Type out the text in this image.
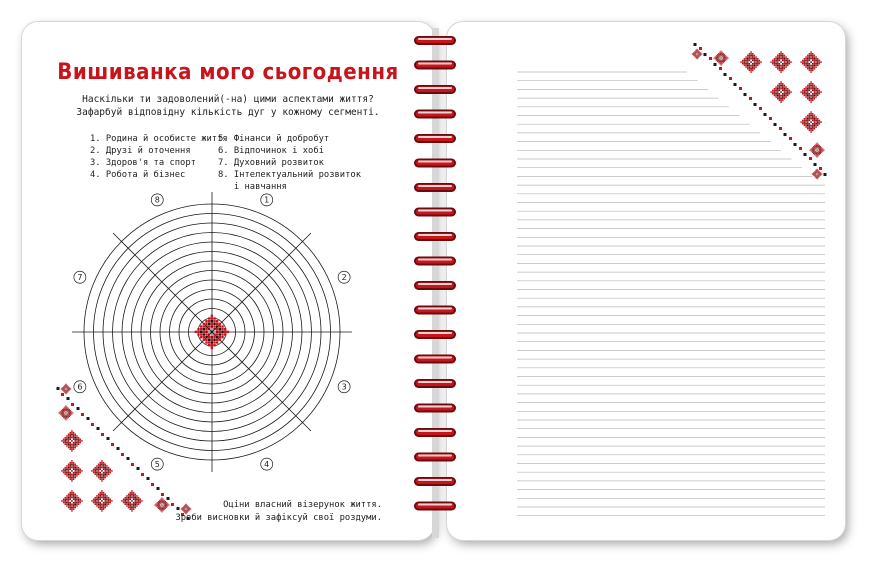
Вишиванка мого сьогодення
Наскільки ти задоволений(-на) цими аспектами життя?
Зафарбуй відповідну кількість дуг у кожному сегменті.
1. Родина й особисте життя
2. Друзі й оточення
3. Здоров'я та спорт
4. Робота й бізнес
5. Фінанси й добробут
6. Відпочинок і хобі
7. Духовний розвиток
8. Інтелектуальний розвиток
і навчання
1
2
3
4
5
6
7
8
Оціни власний візерунок життя.
Зроби висновки й зафіксуй свої роздуми.
